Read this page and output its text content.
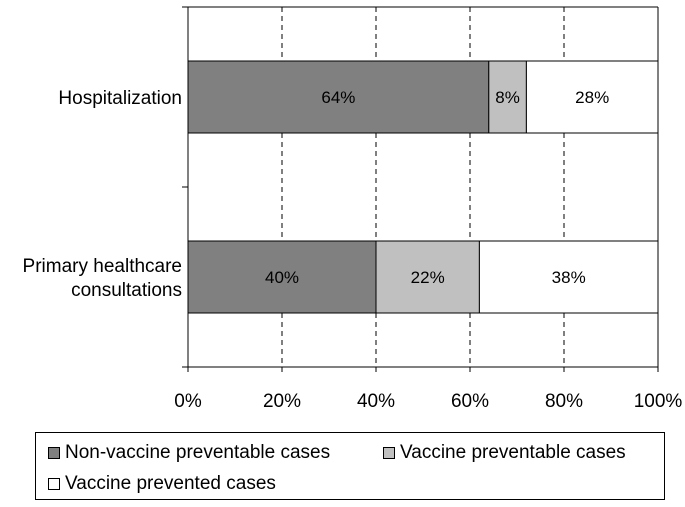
64%	8%	28%
Hospitalization
40%	22%	38%
Primary healthcare
consultations
0%	20%	40%	60%	80%	100%
Non-vaccine preventable cases	Vaccine preventable cases
Vaccine prevented cases
